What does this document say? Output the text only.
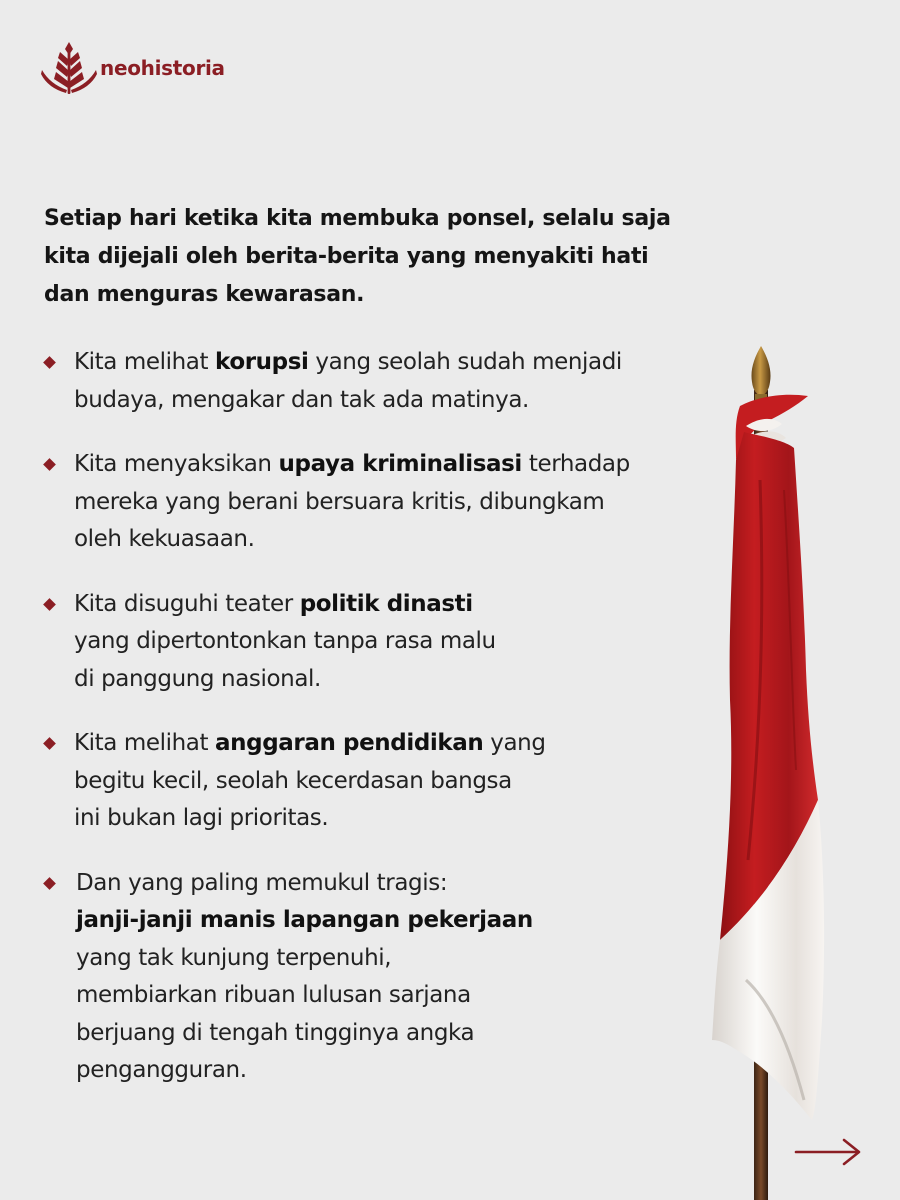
neohistoria

Setiap hari ketika kita membuka ponsel, selalu saja
kita dijejali oleh berita-berita yang menyakiti hati
dan menguras kewarasan.

Kita melihat korupsi yang seolah sudah menjadi
budaya, mengakar dan tak ada matinya.
Kita menyaksikan upaya kriminalisasi terhadap
mereka yang berani bersuara kritis, dibungkam
oleh kekuasaan.
Kita disuguhi teater politik dinasti
yang dipertontonkan tanpa rasa malu
di panggung nasional.
Kita melihat anggaran pendidikan yang
begitu kecil, seolah kecerdasan bangsa
ini bukan lagi prioritas.
Dan yang paling memukul tragis:
janji-janji manis lapangan pekerjaan
yang tak kunjung terpenuhi,
membiarkan ribuan lulusan sarjana
berjuang di tengah tingginya angka
pengangguran.
